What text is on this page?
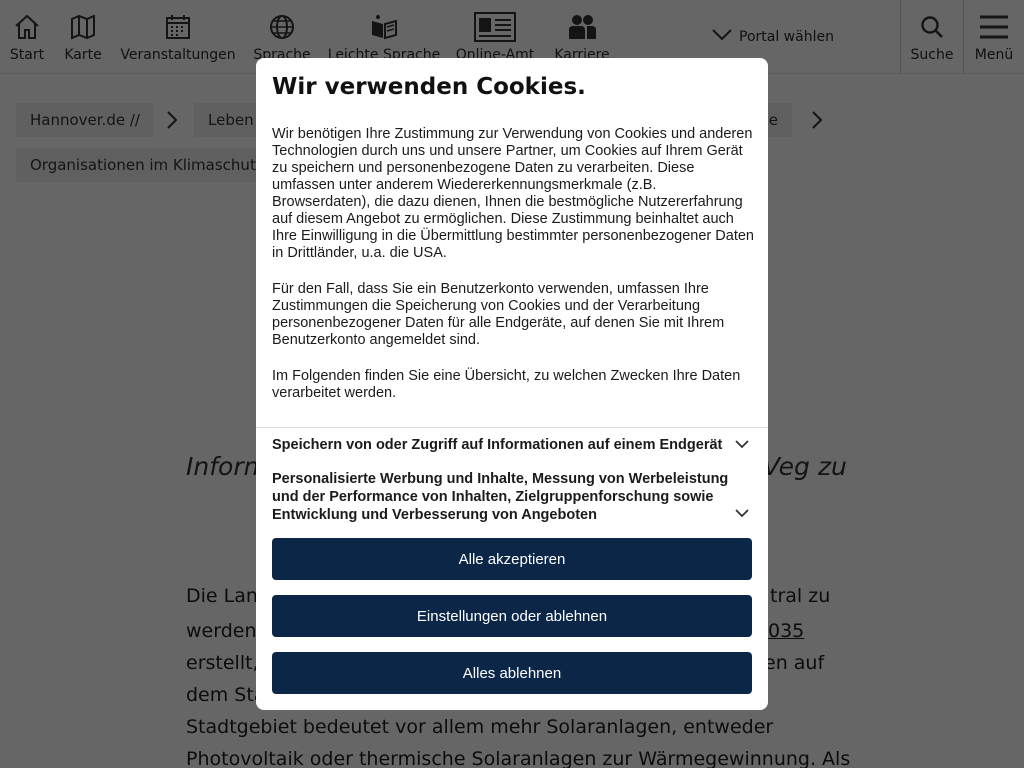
Wir verwenden Cookies.

Wir benötigen Ihre Zustimmung zur Verwendung von Cookies und anderen Technologien durch uns und unsere Partner, um Cookies auf Ihrem Gerät zu speichern und personenbezogene Daten zu verarbeiten. Diese umfassen unter anderem Wiedererkennungsmerkmale (z.B. Browserdaten), die dazu dienen, Ihnen die bestmögliche Nutzererfahrung auf diesem Angebot zu ermöglichen. Diese Zustimmung beinhaltet auch Ihre Einwilligung in die Übermittlung bestimmter personenbezogener Daten in Drittländer, u.a. die USA.

Für den Fall, dass Sie ein Benutzerkonto verwenden, umfassen Ihre Zustimmungen die Speicherung von Cookies und der Verarbeitung personenbezogener Daten für alle Endgeräte, auf denen Sie mit Ihrem Benutzerkonto angemeldet sind.

Im Folgenden finden Sie eine Übersicht, zu welchen Zwecken Ihre Daten verarbeitet werden.

Speichern von oder Zugriff auf Informationen auf einem Endgerät
Personalisierte Werbung und Inhalte, Messung von Werbeleistung und der Performance von Inhalten, Zielgruppenforschung sowie Entwicklung und Verbesserung von Angeboten
Alle akzeptieren
Einstellungen oder ablehnen
Alles ablehnen
